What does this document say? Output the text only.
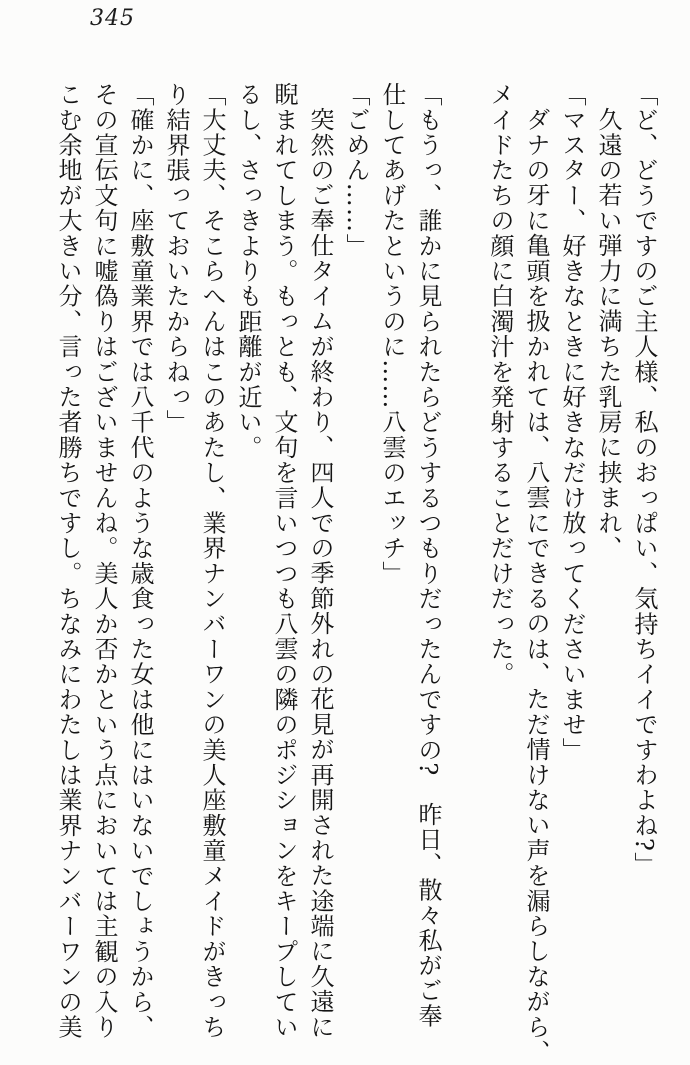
345
「ど、どうですのご主人様、私のおっぱい、気持ちイイですわよね?」
久遠の若い弾力に満ちた乳房に挟まれ、
「マスター、好きなときに好きなだけ放ってくださいませ」
ダナの牙に亀頭を扱かれては、八雲にできるのは、ただ情けない声を漏らしながら、
メイドたちの顔に白濁汁を発射することだけだった。
「もうっ、誰かに見られたらどうするつもりだったんですの?　昨日、散々私がご奉
仕してあげたというのに……八雲のエッチ」
「ごめん……」
突然のご奉仕タイムが終わり、四人での季節外れの花見が再開された途端に久遠に
睨まれてしまう。もっとも、文句を言いつつも八雲の隣のポジションをキープしてい
るし、さっきよりも距離が近い。
「大丈夫、そこらへんはこのあたし、業界ナンバーワンの美人座敷童メイドがきっち
り結界張っておいたからねっ」
「確かに、座敷童業界では八千代のような歳食った女は他にはいないでしょうから、
その宣伝文句に嘘偽りはございませんね。美人か否かという点においては主観の入り
こむ余地が大きい分、言った者勝ちですし。ちなみにわたしは業界ナンバーワンの美
